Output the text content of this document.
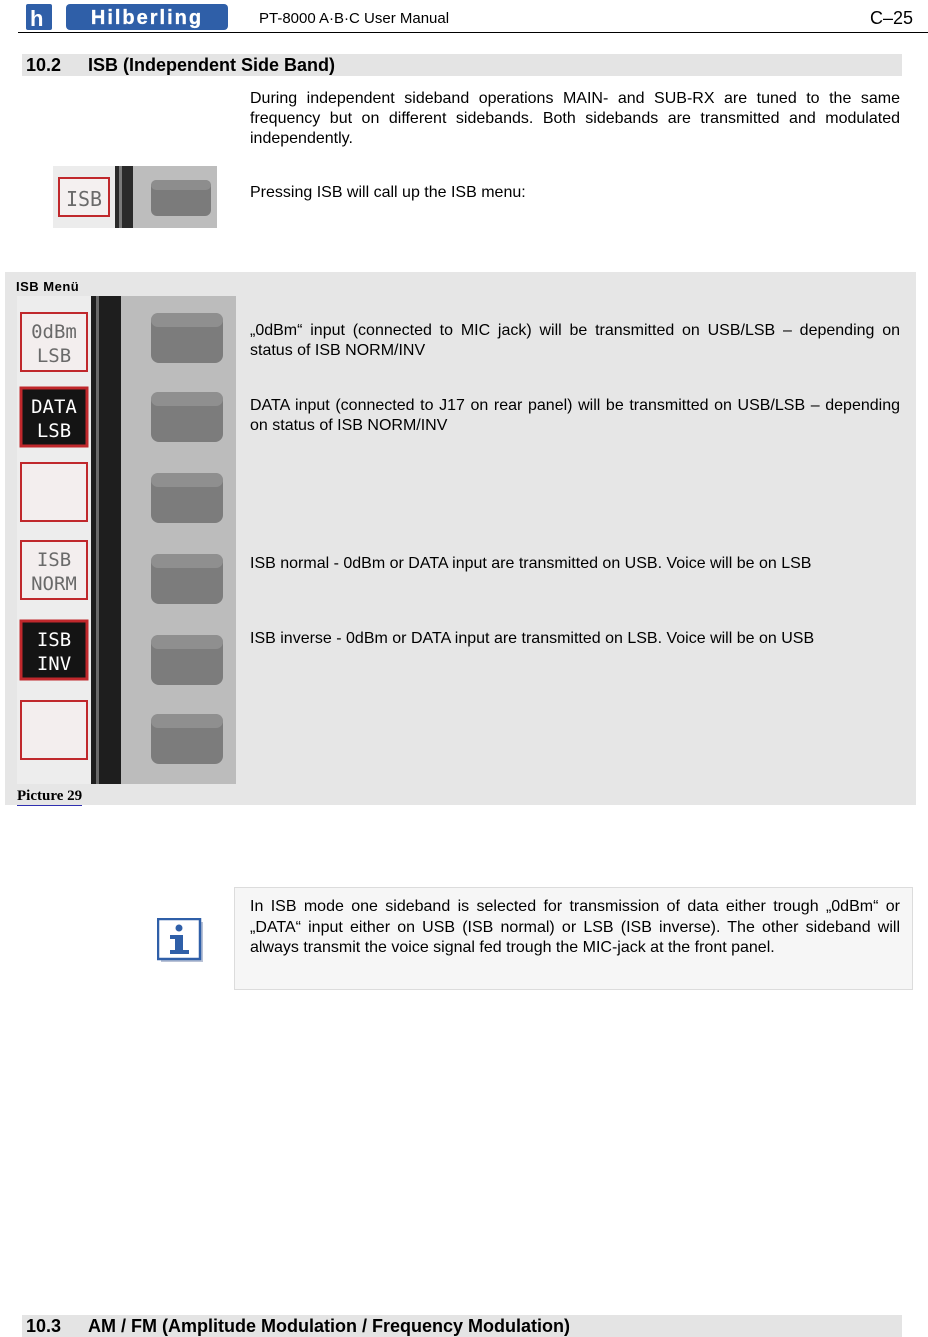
h Hilberling	PT-8000 A·B·C User Manual	C–25
10.2 ISB (Independent Side Band)
During independent sideband operations MAIN- and SUB-RX are tuned to the same frequency but on different sidebands. Both sidebands are transmitted and modulated independently.
ISB	Pressing ISB will call up the ISB menu:
ISB Menü
0dBm
LSB
DATA
LSB
ISB
NORM
ISB
INV
„0dBm“ input (connected to MIC jack) will be transmitted on USB/LSB – depending on status of ISB NORM/INV
DATA input (connected to J17 on rear panel) will be transmitted on USB/LSB – depending on status of ISB NORM/INV
ISB normal - 0dBm or DATA input are transmitted on USB. Voice will be on LSB
ISB inverse - 0dBm or DATA input are transmitted on LSB. Voice will be on USB
Picture 29
In ISB mode one sideband is selected for transmission of data either trough „0dBm“ or „DATA“ input either on USB (ISB normal) or LSB (ISB inverse). The other sideband will always transmit the voice signal fed trough the MIC-jack at the front panel.
10.3 AM / FM (Amplitude Modulation / Frequency Modulation)
